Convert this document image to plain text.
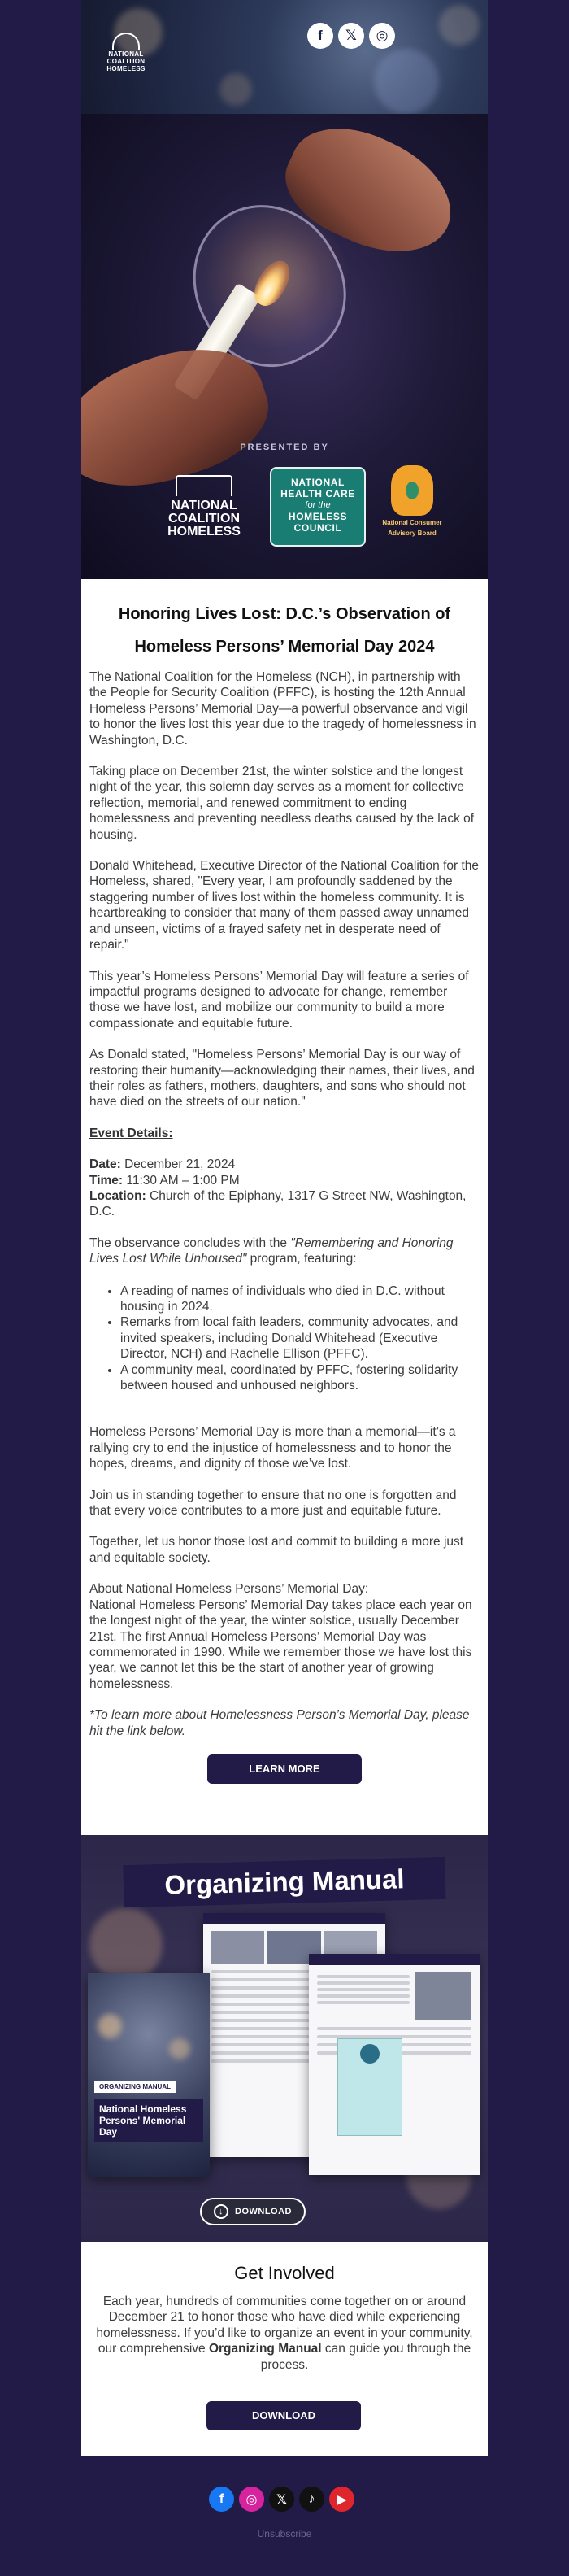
NATIONAL
COALITION
HOMELESS
f	𝕏	◎
PRESENTED BY
NATIONAL
COALITION
HOMELESS
NATIONAL
HEALTH CARE
for the
HOMELESS
COUNCIL	National Consumer
Advisory Board
Honoring Lives Lost: D.C.’s Observation of
Homeless Persons’ Memorial Day 2024

The National Coalition for the Homeless (NCH), in partnership with the People for Security Coalition (PFFC), is hosting the 12th Annual Homeless Persons’ Memorial Day—a powerful observance and vigil to honor the lives lost this year due to the tragedy of homelessness in Washington, D.C.

Taking place on December 21st, the winter solstice and the longest night of the year, this solemn day serves as a moment for collective reflection, memorial, and renewed commitment to ending homelessness and preventing needless deaths caused by the lack of housing.

Donald Whitehead, Executive Director of the National Coalition for the Homeless, shared, "Every year, I am profoundly saddened by the staggering number of lives lost within the homeless community. It is heartbreaking to consider that many of them passed away unnamed and unseen, victims of a frayed safety net in desperate need of repair."

This year’s Homeless Persons’ Memorial Day will feature a series of impactful programs designed to advocate for change, remember those we have lost, and mobilize our community to build a more compassionate and equitable future.

As Donald stated, "Homeless Persons’ Memorial Day is our way of restoring their humanity—acknowledging their names, their lives, and their roles as fathers, mothers, daughters, and sons who should not have died on the streets of our nation."

Event Details:

Date: December 21, 2024

Time: 11:30 AM – 1:00 PM

Location: Church of the Epiphany, 1317 G Street NW, Washington, D.C.

The observance concludes with the "Remembering and Honoring Lives Lost While Unhoused" program, featuring:

• A reading of names of individuals who died in D.C. without housing in 2024.
• Remarks from local faith leaders, community advocates, and invited speakers, including Donald Whitehead (Executive Director, NCH) and Rachelle Ellison (PFFC).
• A community meal, coordinated by PFFC, fostering solidarity between housed and unhoused neighbors.

Homeless Persons’ Memorial Day is more than a memorial—it’s a rallying cry to end the injustice of homelessness and to honor the hopes, dreams, and dignity of those we’ve lost.

Join us in standing together to ensure that no one is forgotten and that every voice contributes to a more just and equitable future.

Together, let us honor those lost and commit to building a more just and equitable society.

About National Homeless Persons’ Memorial Day:

National Homeless Persons’ Memorial Day takes place each year on the longest night of the year, the winter solstice, usually December 21st. The first Annual Homeless Persons’ Memorial Day was commemorated in 1990. While we remember those we have lost this year, we cannot let this be the start of another year of growing homelessness.

*To learn more about Homelessness Person’s Memorial Day, please hit the link below.

LEARN MORE
Organizing Manual
ORGANIZING MANUAL
National Homeless Persons' Memorial Day
↓	DOWNLOAD
Get Involved
Each year, hundreds of communities come together on or around December 21 to honor those who have died while experiencing homelessness. If you’d like to organize an event in your community, our comprehensive Organizing Manual can guide you through the process.
DOWNLOAD
f	◎	𝕏	♪	▶
Unsubscribe
